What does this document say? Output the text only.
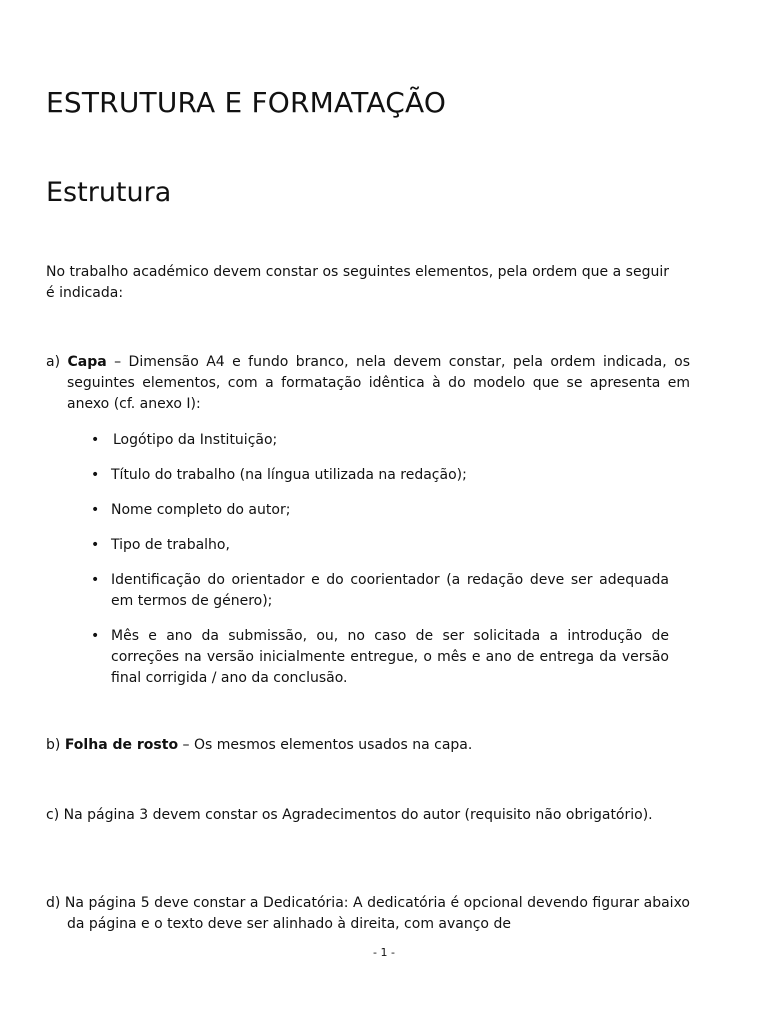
ESTRUTURA E FORMATAÇÃO
Estrutura

No trabalho académico devem constar os seguintes elementos, pela ordem que a seguir é indicada:

a) Capa – Dimensão A4 e fundo branco, nela devem constar, pela ordem indicada, os seguintes elementos, com a formatação idêntica à do modelo que se apresenta em anexo (cf. anexo I):

• Logótipo da Instituição;
• Título do trabalho (na língua utilizada na redação);
• Nome completo do autor;
• Tipo de trabalho,
• Identificação do orientador e do coorientador (a redação deve ser adequada em termos de género);
• Mês e ano da submissão, ou, no caso de ser solicitada a introdução de correções na versão inicialmente entregue, o mês e ano de entrega da versão final corrigida / ano da conclusão.

b) Folha de rosto – Os mesmos elementos usados na capa.

c) Na página 3 devem constar os Agradecimentos do autor (requisito não obrigatório).

d) Na página 5 deve constar a Dedicatória: A dedicatória é opcional devendo figurar abaixo da página e o texto deve ser alinhado à direita, com avanço de

- 1 -
